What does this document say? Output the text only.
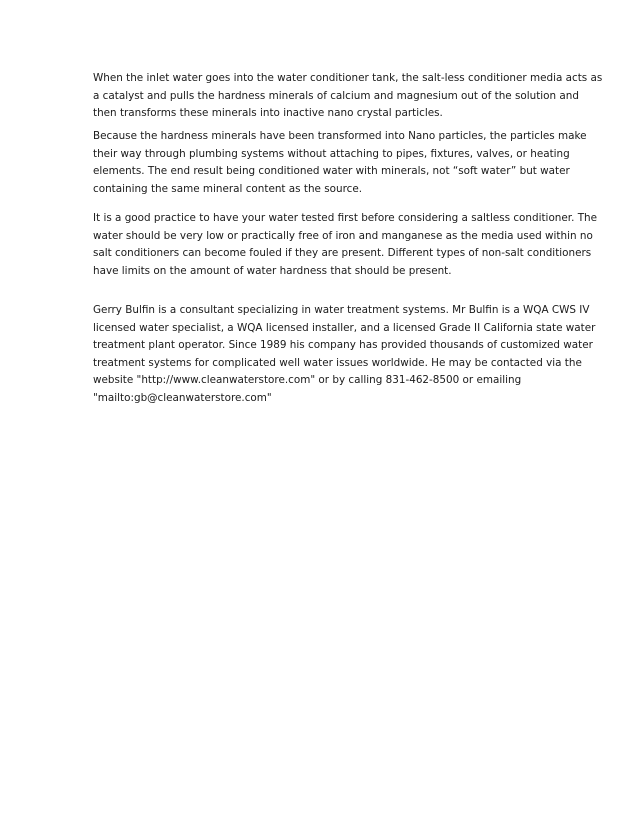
When the inlet water goes into the water conditioner tank, the salt-less conditioner media acts as
a catalyst and pulls the hardness minerals of calcium and magnesium out of the solution and
then transforms these minerals into inactive nano crystal particles.

Because the hardness minerals have been transformed into Nano particles, the particles make
their way through plumbing systems without attaching to pipes, fixtures, valves, or heating
elements. The end result being conditioned water with minerals, not “soft water” but water
containing the same mineral content as the source.

It is a good practice to have your water tested first before considering a saltless conditioner. The
water should be very low or practically free of iron and manganese as the media used within no
salt conditioners can become fouled if they are present. Different types of non-salt conditioners
have limits on the amount of water hardness that should be present.

Gerry Bulfin is a consultant specializing in water treatment systems. Mr Bulfin is a WQA CWS IV
licensed water specialist, a WQA licensed installer, and a licensed Grade II California state water
treatment plant operator. Since 1989 his company has provided thousands of customized water
treatment systems for complicated well water issues worldwide. He may be contacted via the
website "http://www.cleanwaterstore.com" or by calling 831-462-8500 or emailing
"mailto:gb@cleanwaterstore.com"
